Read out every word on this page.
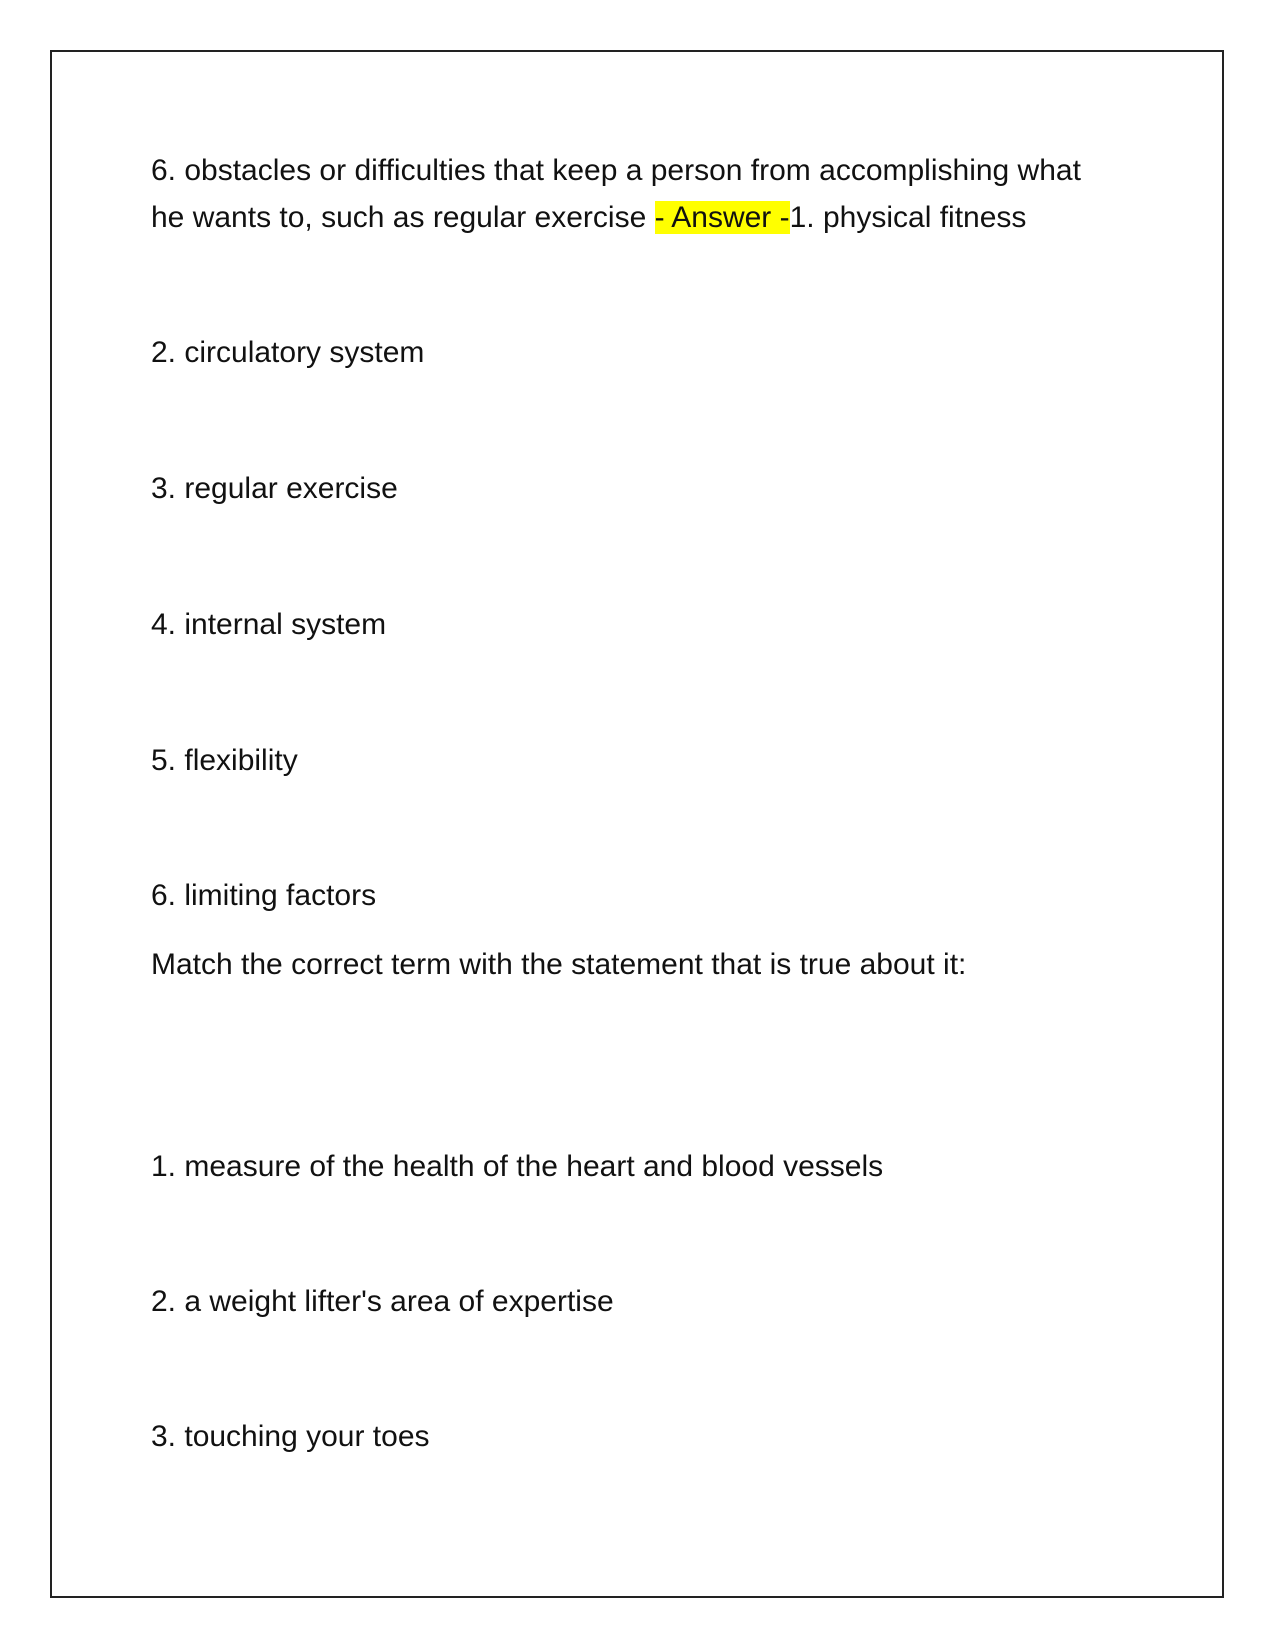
6. obstacles or difficulties that keep a person from accomplishing what

he wants to, such as regular exercise - Answer -1. physical fitness

2. circulatory system

3. regular exercise

4. internal system

5. flexibility

6. limiting factors

Match the correct term with the statement that is true about it:

1. measure of the health of the heart and blood vessels

2. a weight lifter's area of expertise

3. touching your toes
